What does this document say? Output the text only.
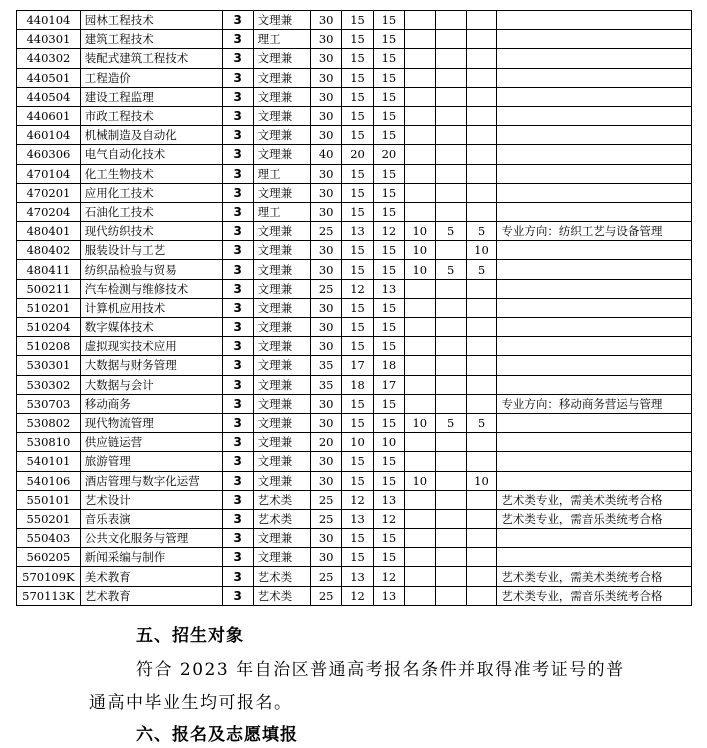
440104	园林工程技术	3	文理兼	30	15	15				
440301	建筑工程技术	3	理工	30	15	15				
440302	装配式建筑工程技术	3	文理兼	30	15	15				
440501	工程造价	3	文理兼	30	15	15				
440504	建设工程监理	3	文理兼	30	15	15				
440601	市政工程技术	3	文理兼	30	15	15				
460104	机械制造及自动化	3	文理兼	30	15	15				
460306	电气自动化技术	3	文理兼	40	20	20				
470104	化工生物技术	3	理工	30	15	15				
470201	应用化工技术	3	文理兼	30	15	15				
470204	石油化工技术	3	理工	30	15	15				
480401	现代纺织技术	3	文理兼	25	13	12	10	5	5	专业方向：纺织工艺与设备管理
480402	服装设计与工艺	3	文理兼	30	15	15	10		10	
480411	纺织品检验与贸易	3	文理兼	30	15	15	10	5	5	
500211	汽车检测与维修技术	3	文理兼	25	12	13				
510201	计算机应用技术	3	文理兼	30	15	15				
510204	数字媒体技术	3	文理兼	30	15	15				
510208	虚拟现实技术应用	3	文理兼	30	15	15				
530301	大数据与财务管理	3	文理兼	35	17	18				
530302	大数据与会计	3	文理兼	35	18	17				
530703	移动商务	3	文理兼	30	15	15				专业方向：移动商务营运与管理
530802	现代物流管理	3	文理兼	30	15	15	10	5	5	
530810	供应链运营	3	文理兼	20	10	10				
540101	旅游管理	3	文理兼	30	15	15				
540106	酒店管理与数字化运营	3	文理兼	30	15	15	10		10	
550101	艺术设计	3	艺术类	25	12	13				艺术类专业，需美术类统考合格
550201	音乐表演	3	艺术类	25	13	12				艺术类专业，需音乐类统考合格
550403	公共文化服务与管理	3	文理兼	30	15	15				
560205	新闻采编与制作	3	文理兼	30	15	15				
570109K	美术教育	3	艺术类	25	13	12				艺术类专业，需美术类统考合格
570113K	艺术教育	3	艺术类	25	12	13				艺术类专业，需音乐类统考合格
五、招生对象
符合 2023 年自治区普通高考报名条件并取得准考证号的普
通高中毕业生均可报名。
六、报名及志愿填报
